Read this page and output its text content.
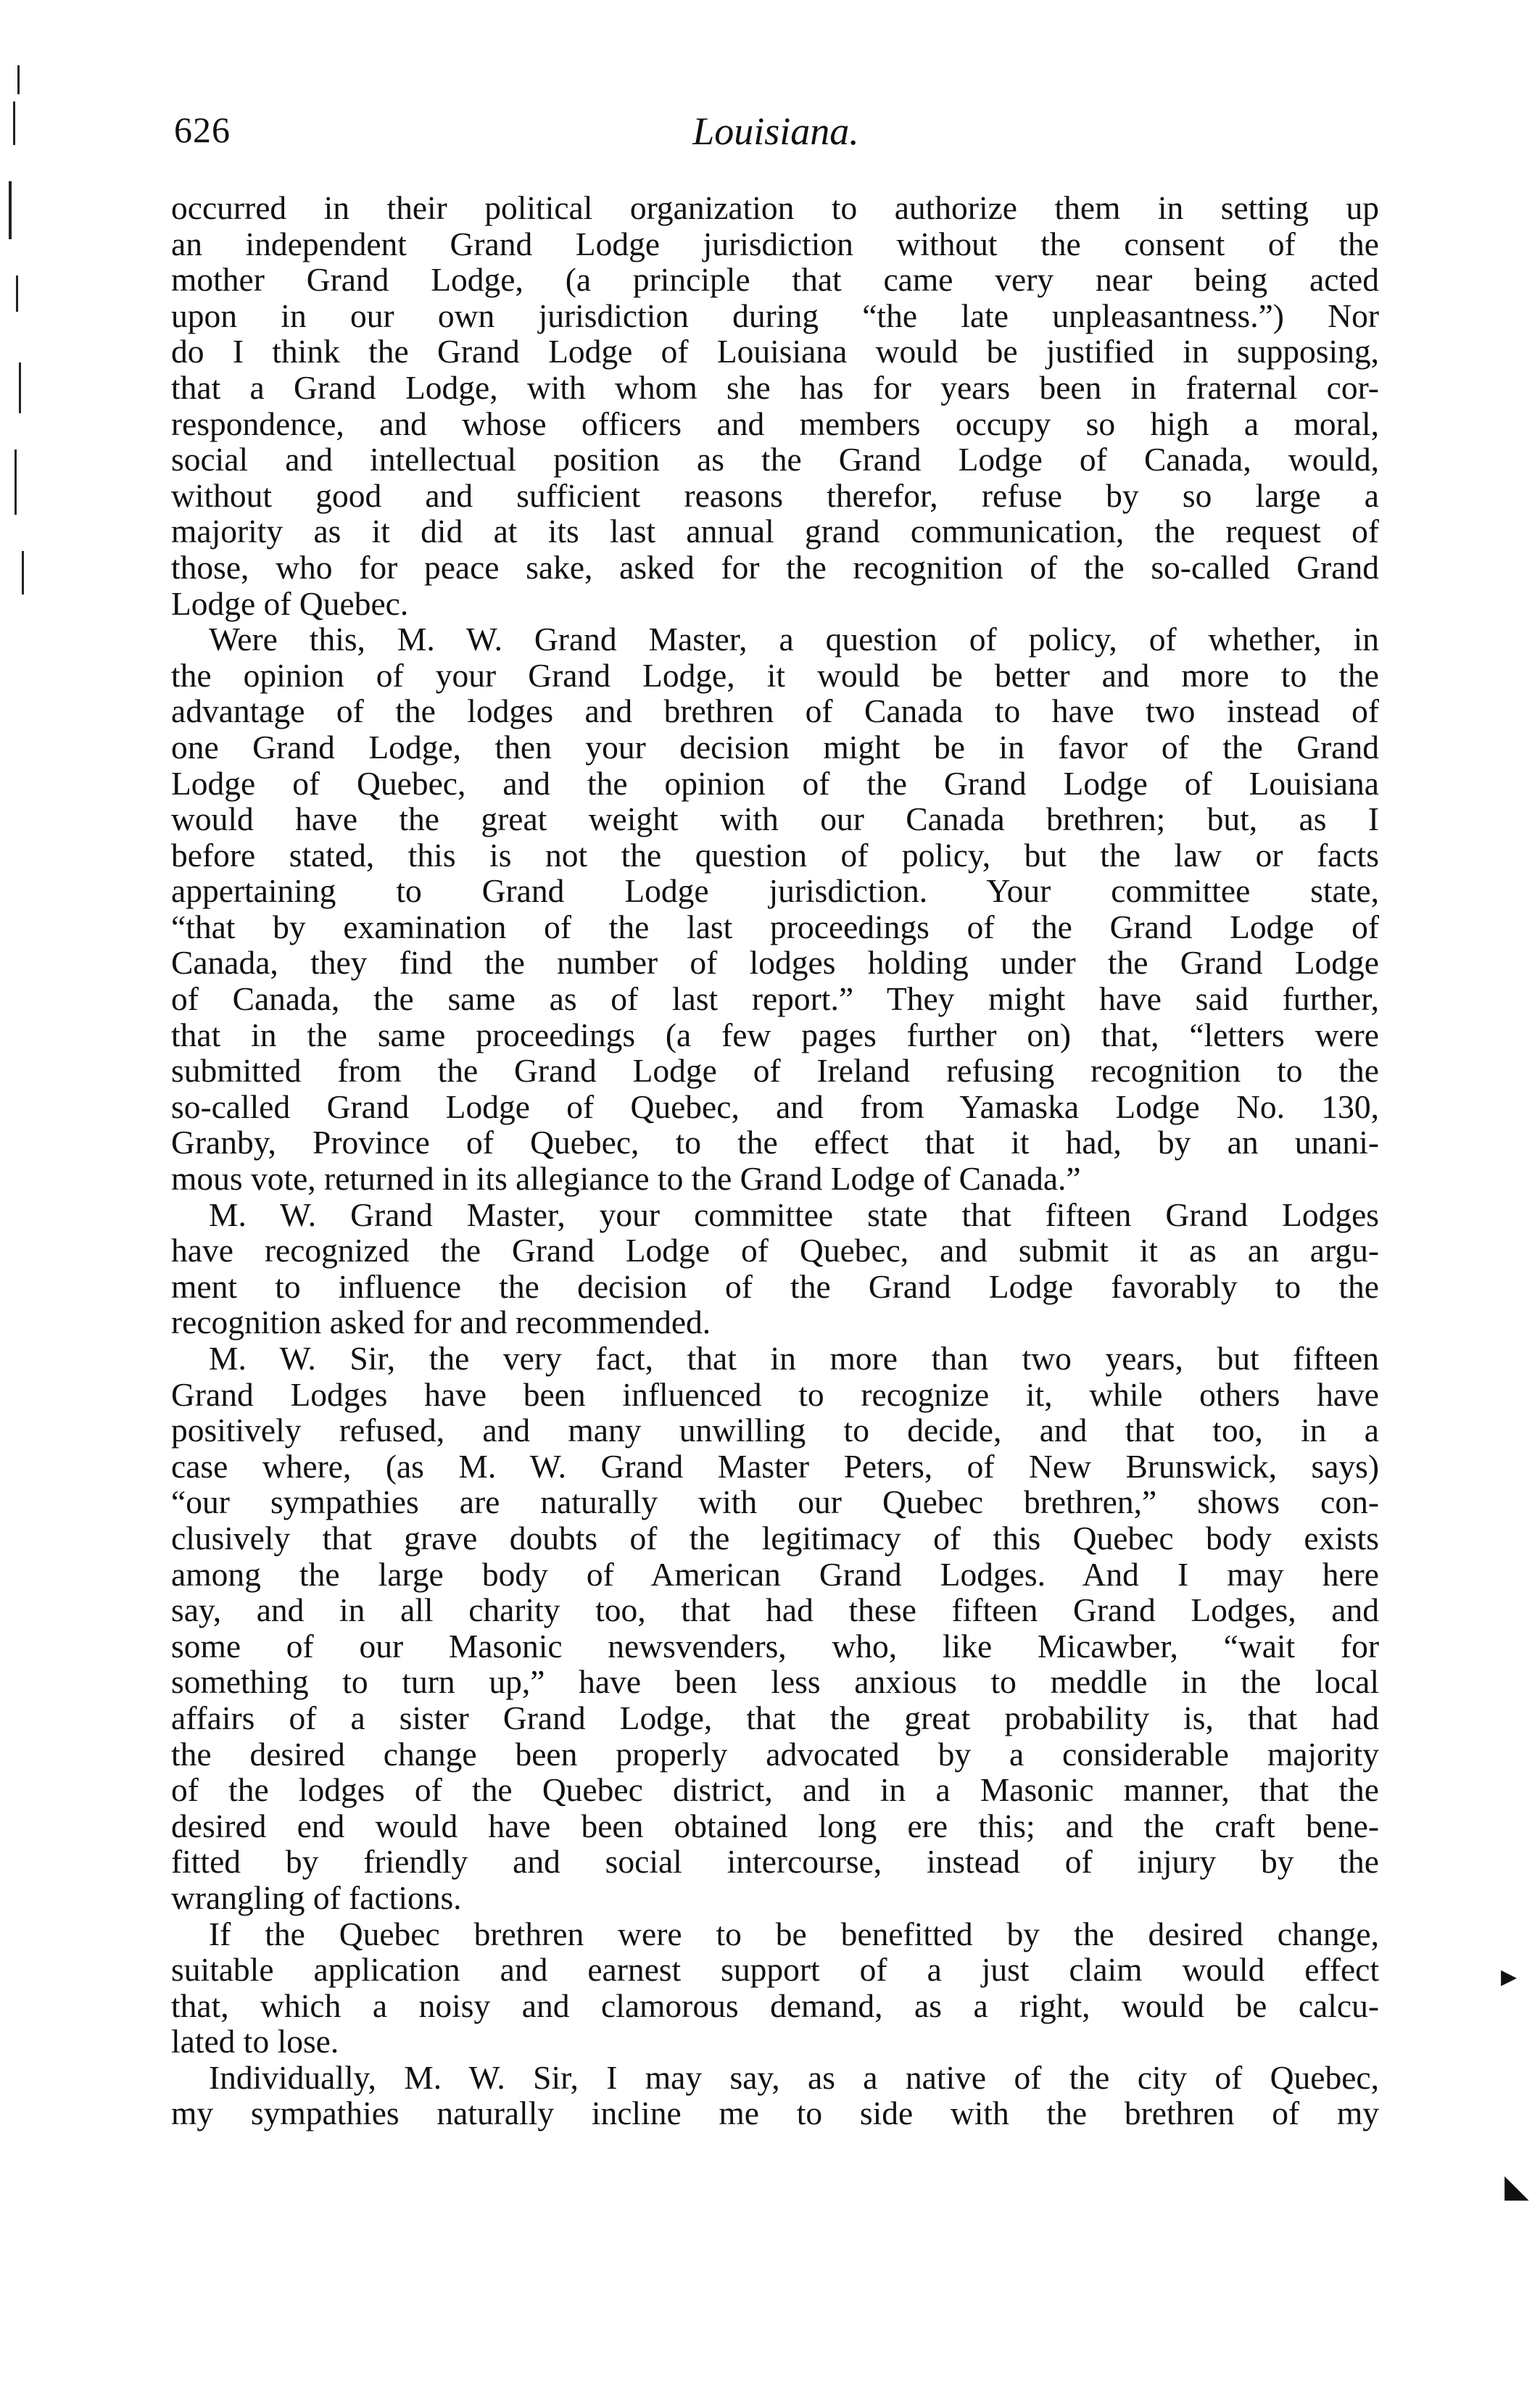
▸
◣
626	Louisiana.
occurred in their political organization to authorize them in setting up
an independent Grand Lodge jurisdiction without the consent of the
mother Grand Lodge, (a principle that came very near being acted
upon in our own jurisdiction during “the late unpleasantness.”) Nor
do I think the Grand Lodge of Louisiana would be justified in supposing,
that a Grand Lodge, with whom she has for years been in fraternal cor-
respondence, and whose officers and members occupy so high a moral,
social and intellectual position as the Grand Lodge of Canada, would,
without good and sufficient reasons therefor, refuse by so large a
majority as it did at its last annual grand communication, the request of
those, who for peace sake, asked for the recognition of the so-called Grand
Lodge of Quebec.
Were this, M. W. Grand Master, a question of policy, of whether, in
the opinion of your Grand Lodge, it would be better and more to the
advantage of the lodges and brethren of Canada to have two instead of
one Grand Lodge, then your decision might be in favor of the Grand
Lodge of Quebec, and the opinion of the Grand Lodge of Louisiana
would have the great weight with our Canada brethren; but, as I
before stated, this is not the question of policy, but the law or facts
appertaining to Grand Lodge jurisdiction. Your committee state,
“that by examination of the last proceedings of the Grand Lodge of
Canada, they find the number of lodges holding under the Grand Lodge
of Canada, the same as of last report.” They might have said further,
that in the same proceedings (a few pages further on) that, “letters were
submitted from the Grand Lodge of Ireland refusing recognition to the
so-called Grand Lodge of Quebec, and from Yamaska Lodge No. 130,
Granby, Province of Quebec, to the effect that it had, by an unani-
mous vote, returned in its allegiance to the Grand Lodge of Canada.”
M. W. Grand Master, your committee state that fifteen Grand Lodges
have recognized the Grand Lodge of Quebec, and submit it as an argu-
ment to influence the decision of the Grand Lodge favorably to the
recognition asked for and recommended.
M. W. Sir, the very fact, that in more than two years, but fifteen
Grand Lodges have been influenced to recognize it, while others have
positively refused, and many unwilling to decide, and that too, in a
case where, (as M. W. Grand Master Peters, of New Brunswick, says)
“our sympathies are naturally with our Quebec brethren,” shows con-
clusively that grave doubts of the legitimacy of this Quebec body exists
among the large body of American Grand Lodges. And I may here
say, and in all charity too, that had these fifteen Grand Lodges, and
some of our Masonic newsvenders, who, like Micawber, “wait for
something to turn up,” have been less anxious to meddle in the local
affairs of a sister Grand Lodge, that the great probability is, that had
the desired change been properly advocated by a considerable majority
of the lodges of the Quebec district, and in a Masonic manner, that the
desired end would have been obtained long ere this; and the craft bene-
fitted by friendly and social intercourse, instead of injury by the
wrangling of factions.
If the Quebec brethren were to be benefitted by the desired change,
suitable application and earnest support of a just claim would effect
that, which a noisy and clamorous demand, as a right, would be calcu-
lated to lose.
Individually, M. W. Sir, I may say, as a native of the city of Quebec,
my sympathies naturally incline me to side with the brethren of my
